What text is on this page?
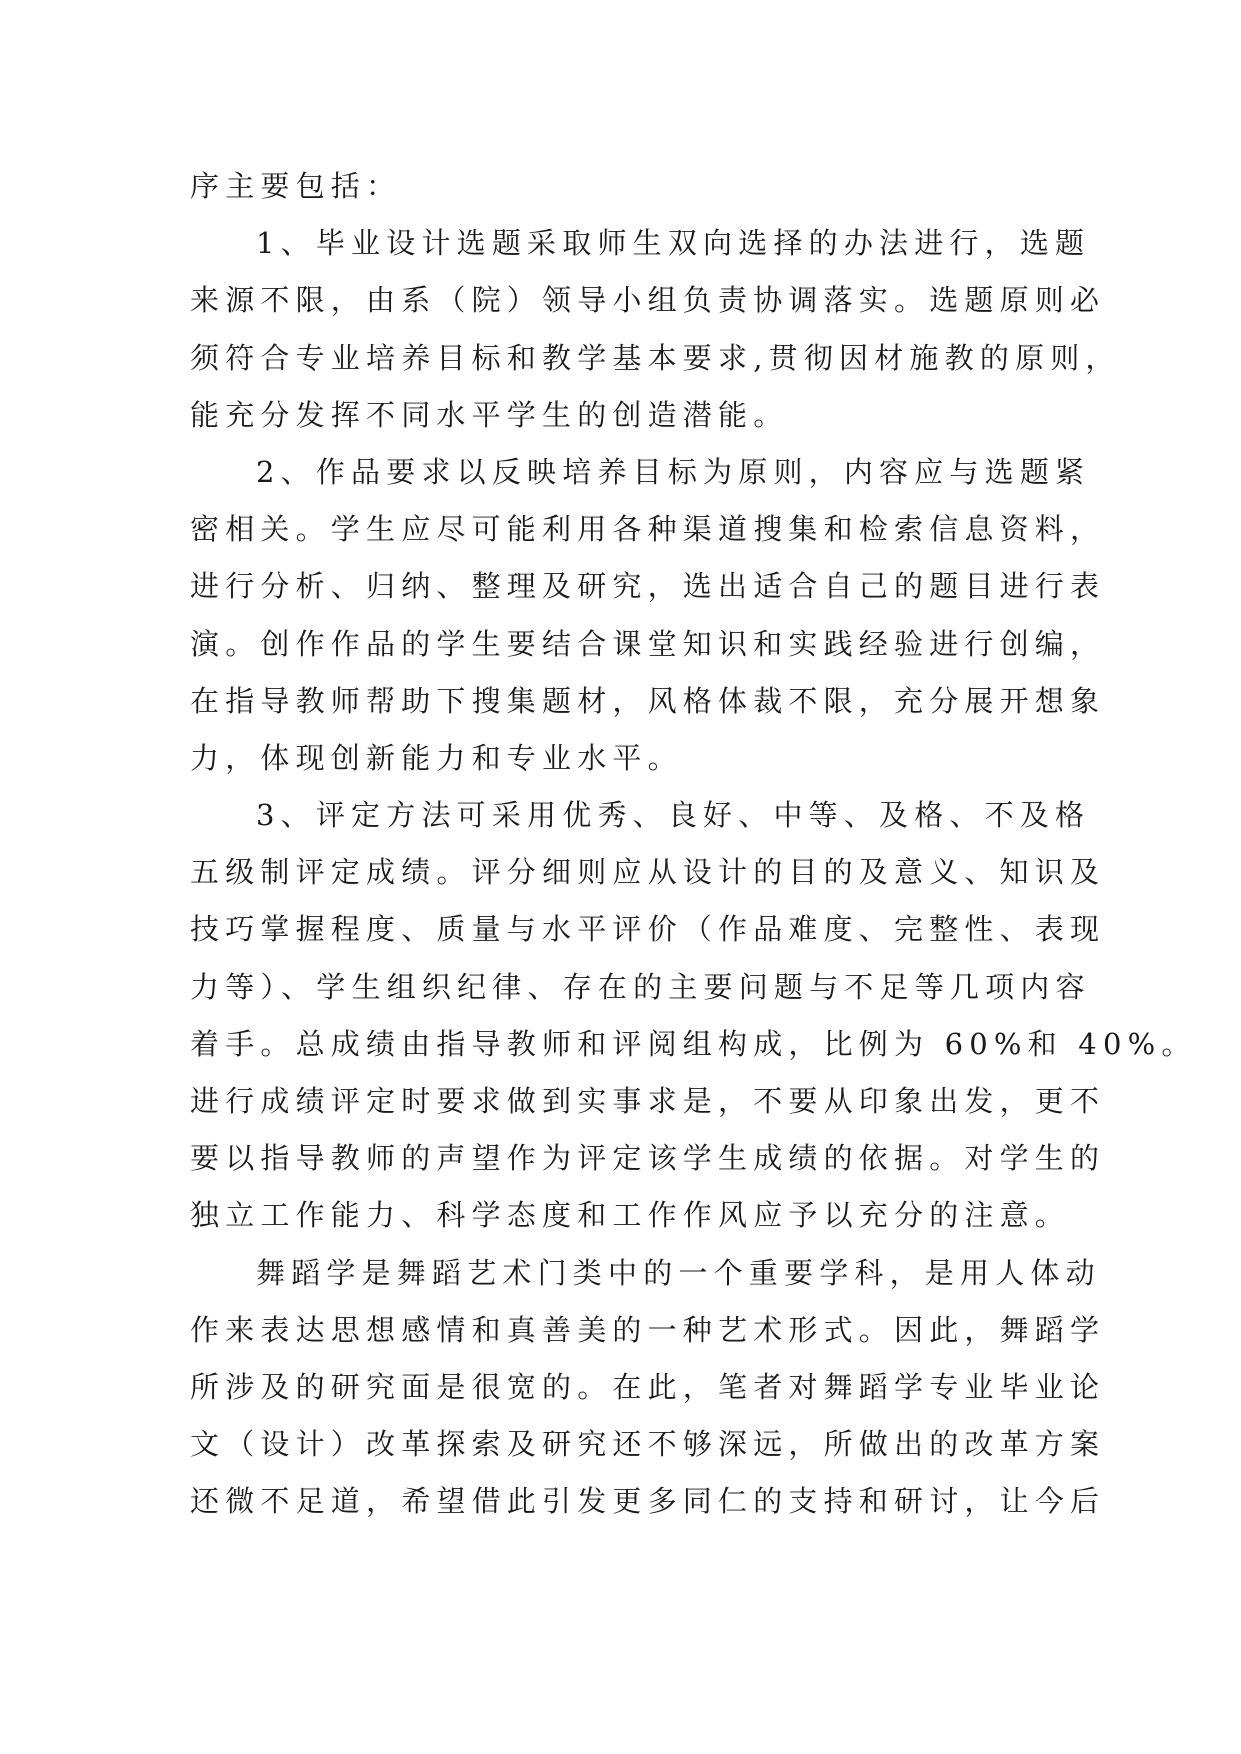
序主要包括：
1、毕业设计选题采取师生双向选择的办法进行，选题
来源不限，由系（院）领导小组负责协调落实。选题原则必
须符合专业培养目标和教学基本要求,贯彻因材施教的原则，
能充分发挥不同水平学生的创造潜能。
2、作品要求以反映培养目标为原则，内容应与选题紧
密相关。学生应尽可能利用各种渠道搜集和检索信息资料，
进行分析、归纳、整理及研究，选出适合自己的题目进行表
演。创作作品的学生要结合课堂知识和实践经验进行创编，
在指导教师帮助下搜集题材，风格体裁不限，充分展开想象
力，体现创新能力和专业水平。
3、评定方法可采用优秀、良好、中等、及格、不及格
五级制评定成绩。评分细则应从设计的目的及意义、知识及
技巧掌握程度、质量与水平评价（作品难度、完整性、表现
力等）、学生组织纪律、存在的主要问题与不足等几项内容
着手。总成绩由指导教师和评阅组构成，比例为 60%和 40%。
进行成绩评定时要求做到实事求是，不要从印象出发，更不
要以指导教师的声望作为评定该学生成绩的依据。对学生的
独立工作能力、科学态度和工作作风应予以充分的注意。
舞蹈学是舞蹈艺术门类中的一个重要学科，是用人体动
作来表达思想感情和真善美的一种艺术形式。因此，舞蹈学
所涉及的研究面是很宽的。在此，笔者对舞蹈学专业毕业论
文（设计）改革探索及研究还不够深远，所做出的改革方案
还微不足道，希望借此引发更多同仁的支持和研讨，让今后
